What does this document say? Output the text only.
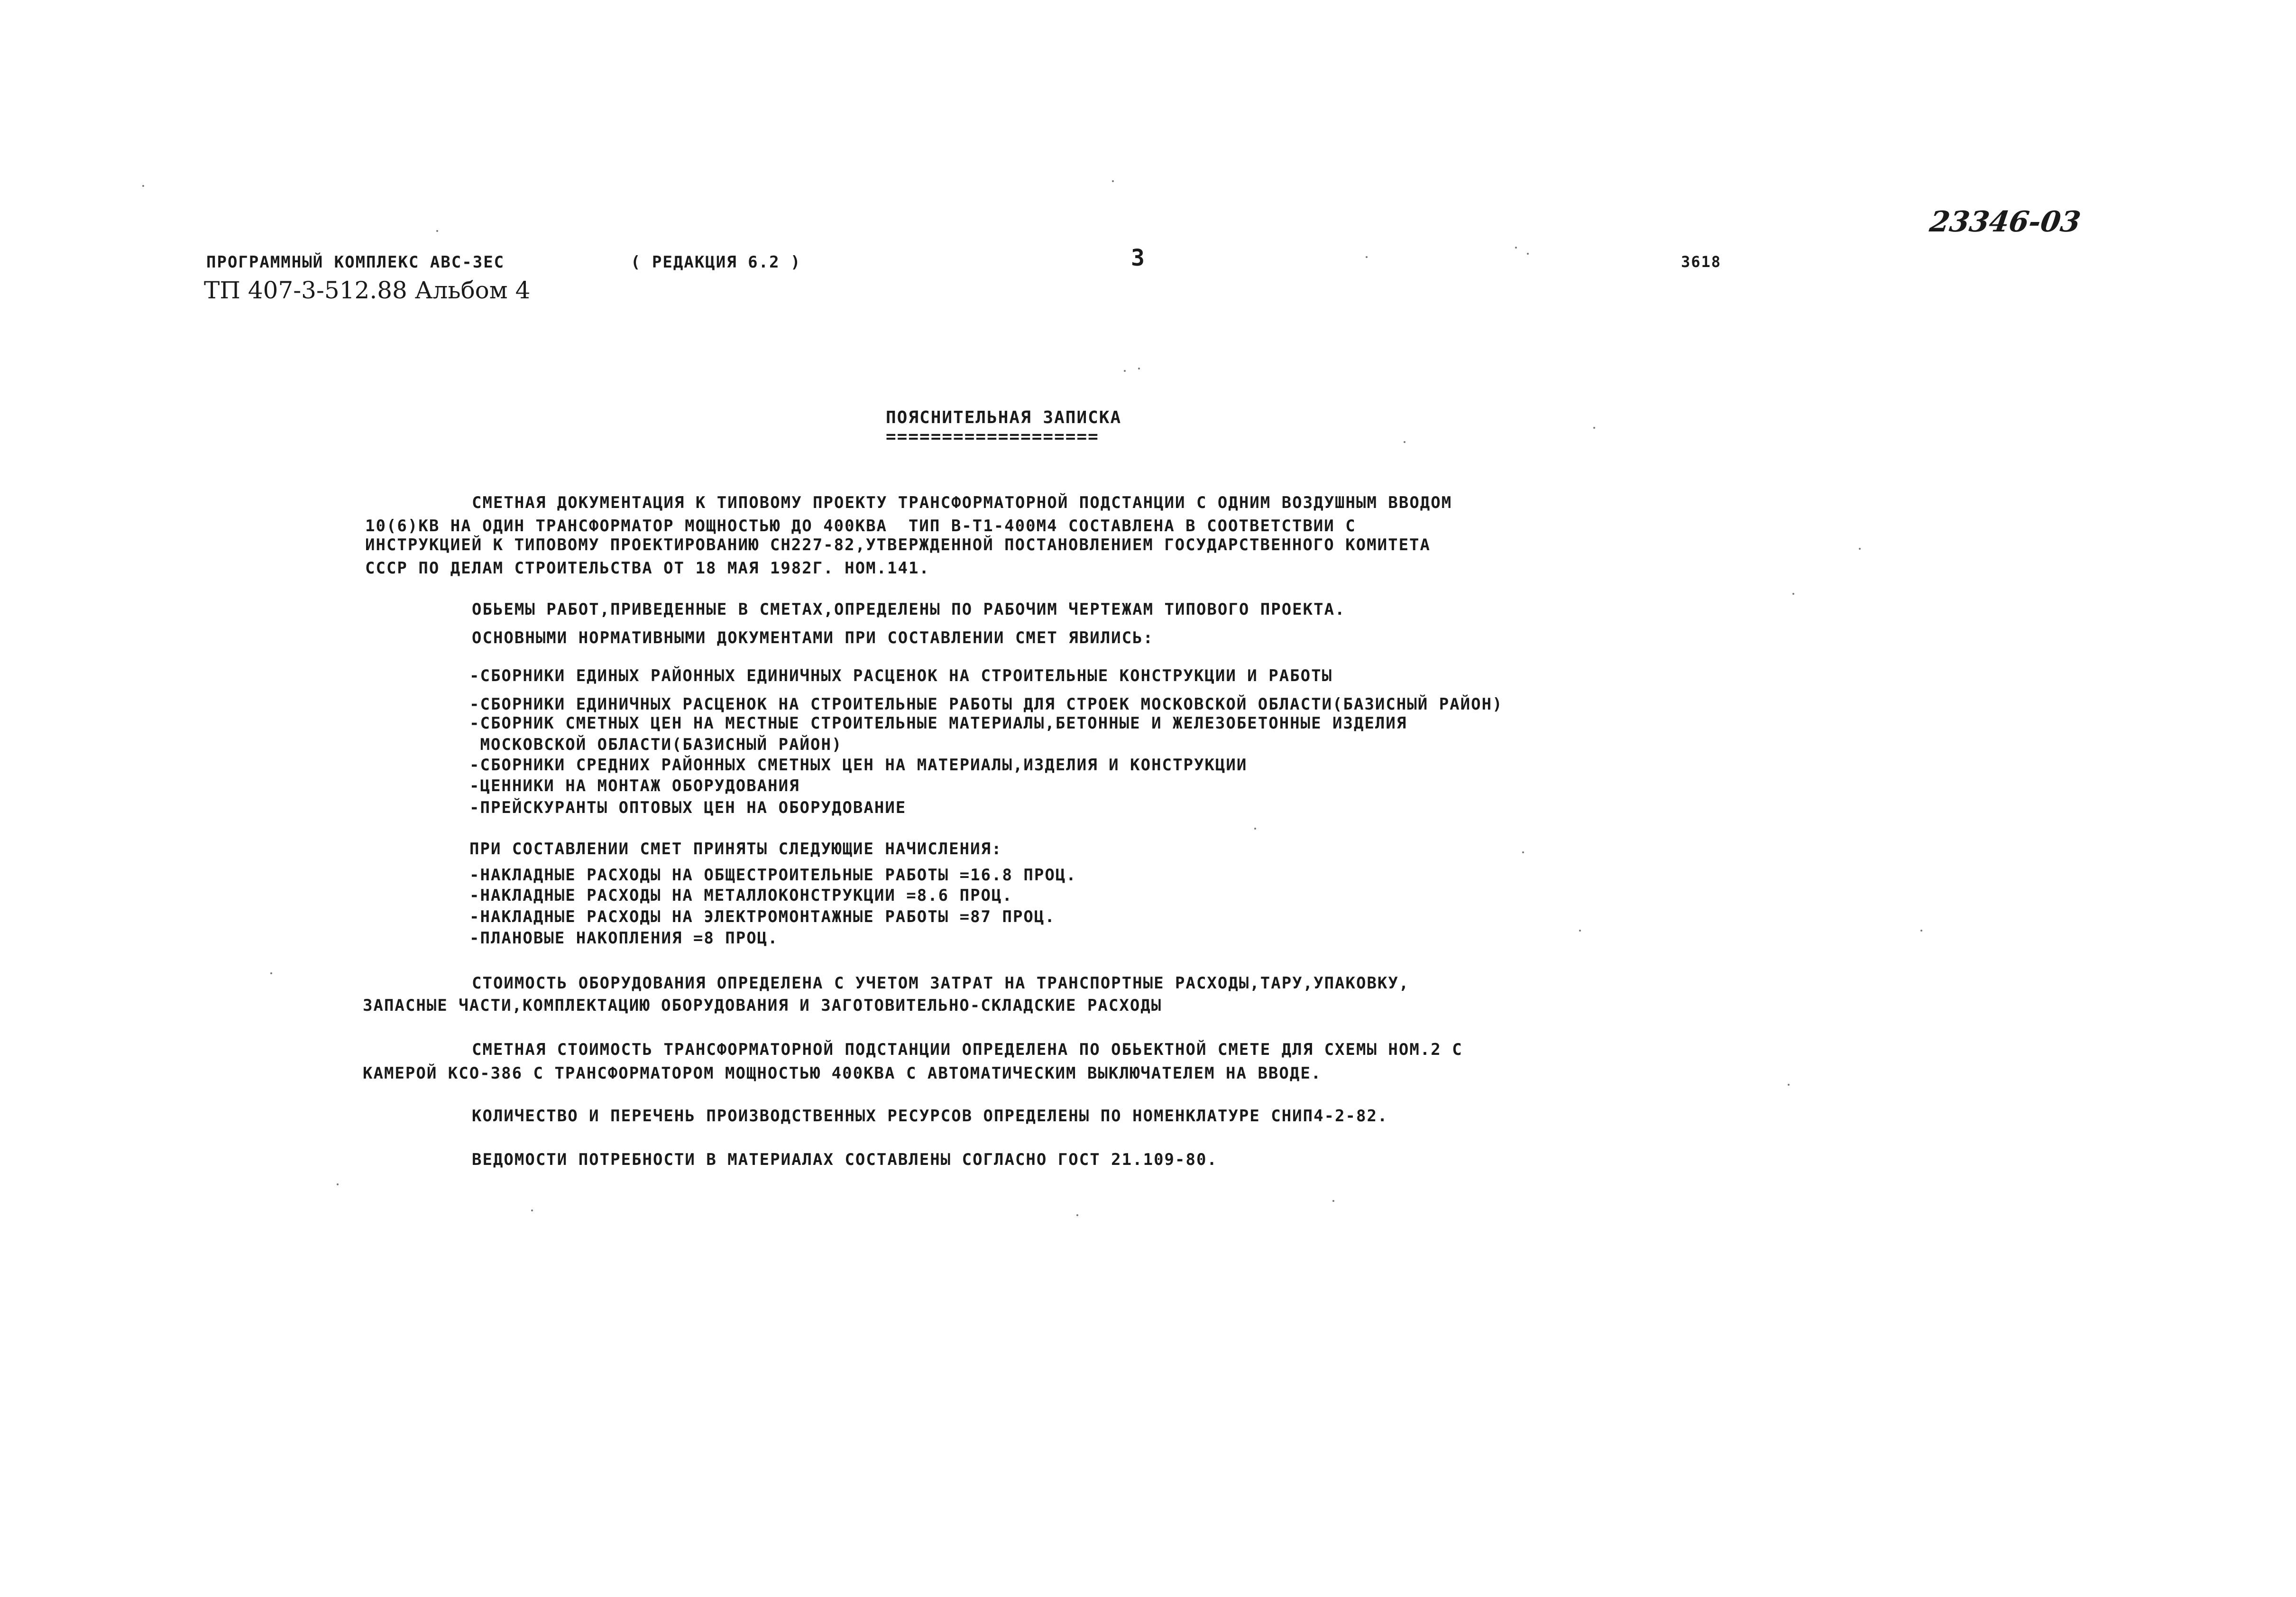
ПРОГРАММНЫЙ КОМПЛЕКС АВС-3ЕС	( РЕДАКЦИЯ 6.2 )	3	3618
ТП 407-3-512.88 Альбом 4
23346-03
ПОЯСНИТЕЛЬНАЯ ЗАПИСКА
===================
СМЕТНАЯ ДОКУМЕНТАЦИЯ К ТИПОВОМУ ПРОЕКТУ ТРАНСФОРМАТОРНОЙ ПОДСТАНЦИИ С ОДНИМ ВОЗДУШНЫМ ВВОДОМ
10(6)КВ НА ОДИН ТРАНСФОРМАТОР МОЩНОСТЬЮ ДО 400КВА  ТИП В-Т1-400М4 СОСТАВЛЕНА В СООТВЕТСТВИИ С
ИНСТРУКЦИЕЙ К ТИПОВОМУ ПРОЕКТИРОВАНИЮ СН227-82,УТВЕРЖДЕННОЙ ПОСТАНОВЛЕНИЕМ ГОСУДАРСТВЕННОГО КОМИТЕТА
СССР ПО ДЕЛАМ СТРОИТЕЛЬСТВА ОТ 18 МАЯ 1982Г. НОМ.141.
ОБЬЕМЫ РАБОТ,ПРИВЕДЕННЫЕ В СМЕТАХ,ОПРЕДЕЛЕНЫ ПО РАБОЧИМ ЧЕРТЕЖАМ ТИПОВОГО ПРОЕКТА.
ОСНОВНЫМИ НОРМАТИВНЫМИ ДОКУМЕНТАМИ ПРИ СОСТАВЛЕНИИ СМЕТ ЯВИЛИСЬ:
-СБОРНИКИ ЕДИНЫХ РАЙОННЫХ ЕДИНИЧНЫХ РАСЦЕНОК НА СТРОИТЕЛЬНЫЕ КОНСТРУКЦИИ И РАБОТЫ
-СБОРНИКИ ЕДИНИЧНЫХ РАСЦЕНОК НА СТРОИТЕЛЬНЫЕ РАБОТЫ ДЛЯ СТРОЕК МОСКОВСКОЙ ОБЛАСТИ(БАЗИСНЫЙ РАЙОН)
-СБОРНИК СМЕТНЫХ ЦЕН НА МЕСТНЫЕ СТРОИТЕЛЬНЫЕ МАТЕРИАЛЫ,БЕТОННЫЕ И ЖЕЛЕЗОБЕТОННЫЕ ИЗДЕЛИЯ
МОСКОВСКОЙ ОБЛАСТИ(БАЗИСНЫЙ РАЙОН)
-СБОРНИКИ СРЕДНИХ РАЙОННЫХ СМЕТНЫХ ЦЕН НА МАТЕРИАЛЫ,ИЗДЕЛИЯ И КОНСТРУКЦИИ
-ЦЕННИКИ НА МОНТАЖ ОБОРУДОВАНИЯ
-ПРЕЙСКУРАНТЫ ОПТОВЫХ ЦЕН НА ОБОРУДОВАНИЕ
ПРИ СОСТАВЛЕНИИ СМЕТ ПРИНЯТЫ СЛЕДУЮЩИЕ НАЧИСЛЕНИЯ:
-НАКЛАДНЫЕ РАСХОДЫ НА ОБЩЕСТРОИТЕЛЬНЫЕ РАБОТЫ =16.8 ПРОЦ.
-НАКЛАДНЫЕ РАСХОДЫ НА МЕТАЛЛОКОНСТРУКЦИИ =8.6 ПРОЦ.
-НАКЛАДНЫЕ РАСХОДЫ НА ЭЛЕКТРОМОНТАЖНЫЕ РАБОТЫ =87 ПРОЦ.
-ПЛАНОВЫЕ НАКОПЛЕНИЯ =8 ПРОЦ.
СТОИМОСТЬ ОБОРУДОВАНИЯ ОПРЕДЕЛЕНА С УЧЕТОМ ЗАТРАТ НА ТРАНСПОРТНЫЕ РАСХОДЫ,ТАРУ,УПАКОВКУ,
ЗАПАСНЫЕ ЧАСТИ,КОМПЛЕКТАЦИЮ ОБОРУДОВАНИЯ И ЗАГОТОВИТЕЛЬНО-СКЛАДСКИЕ РАСХОДЫ
СМЕТНАЯ СТОИМОСТЬ ТРАНСФОРМАТОРНОЙ ПОДСТАНЦИИ ОПРЕДЕЛЕНА ПО ОБЬЕКТНОЙ СМЕТЕ ДЛЯ СХЕМЫ НОМ.2 С
КАМЕРОЙ КСО-386 С ТРАНСФОРМАТОРОМ МОЩНОСТЬЮ 400КВА С АВТОМАТИЧЕСКИМ ВЫКЛЮЧАТЕЛЕМ НА ВВОДЕ.
КОЛИЧЕСТВО И ПЕРЕЧЕНЬ ПРОИЗВОДСТВЕННЫХ РЕСУРСОВ ОПРЕДЕЛЕНЫ ПО НОМЕНКЛАТУРЕ СНИП4-2-82.
ВЕДОМОСТИ ПОТРЕБНОСТИ В МАТЕРИАЛАХ СОСТАВЛЕНЫ СОГЛАСНО ГОСТ 21.109-80.
